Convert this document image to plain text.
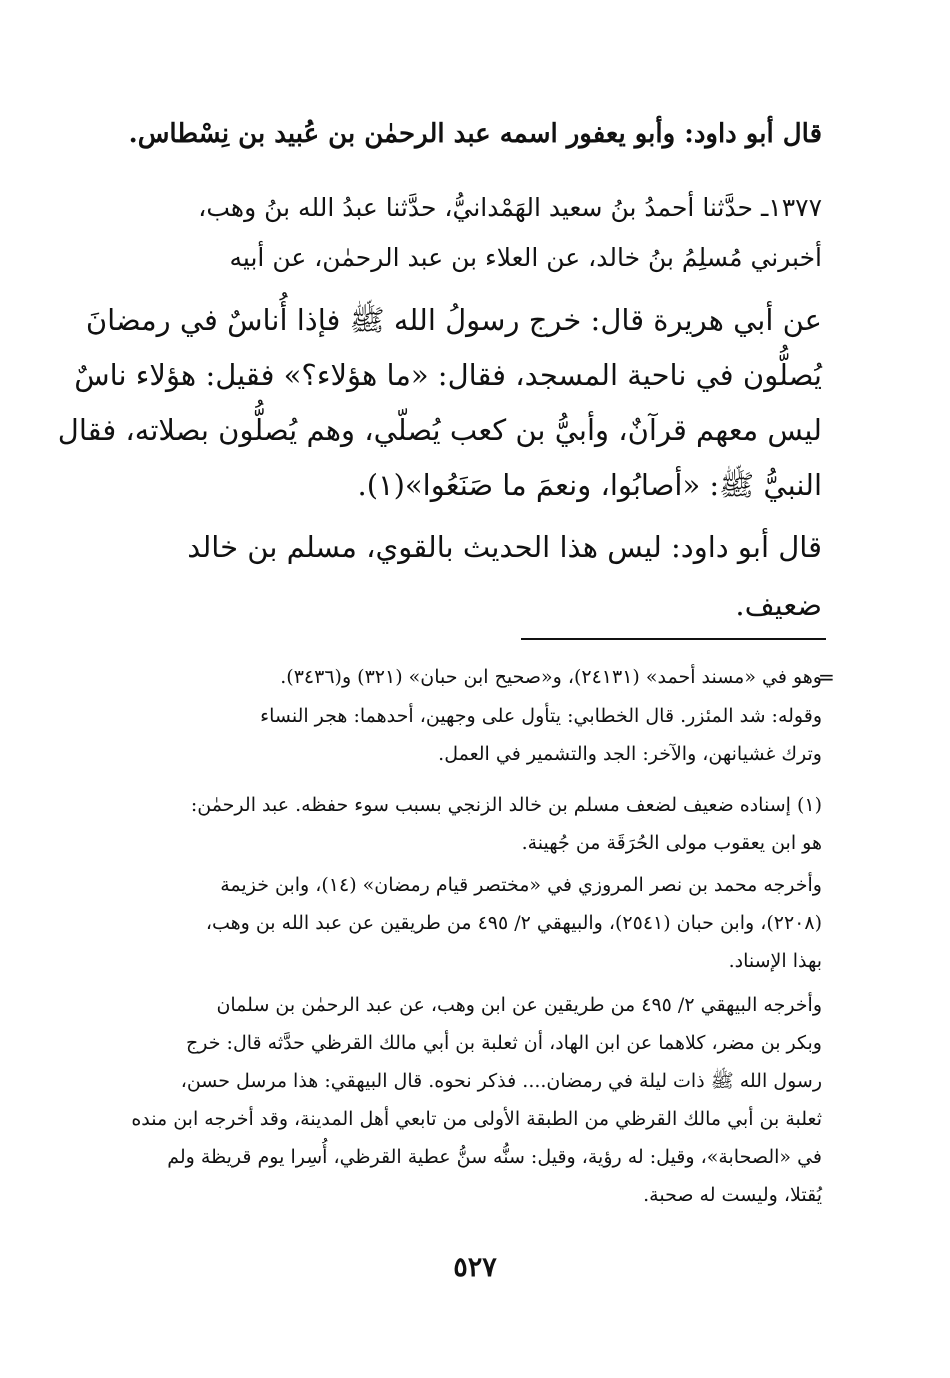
قال أبو داود: وأبو يعفور اسمه عبد الرحمٰن بن عُبيد بن نِسْطاس.
١٣٧٧ـ حدَّثنا أحمدُ بنُ سعيد الهَمْدانيُّ، حدَّثنا عبدُ الله بنُ وهب،
أخبرني مُسلِمُ بنُ خالد، عن العلاء بن عبد الرحمٰن، عن أبيه
عن أبي هريرة قال: خرج رسولُ الله ﷺ فإذا أُناسٌ في رمضانَ
يُصلُّون في ناحية المسجد، فقال: «ما هؤلاء؟» فقيل: هؤلاء ناسٌ
ليس معهم قرآنٌ، وأبيُّ بن كعب يُصلّي، وهم يُصلُّون بصلاته، فقال
النبيُّ ﷺ: «أصابُوا، ونعمَ ما صَنَعُوا»(١).
قال أبو داود: ليس هذا الحديث بالقوي، مسلم بن خالد
ضعيف.
=
وهو في «مسند أحمد» (٢٤١٣١)، و«صحيح ابن حبان» (٣٢١) و(٣٤٣٦).
وقوله: شد المئزر. قال الخطابي: يتأول على وجهين، أحدهما: هجر النساء
وترك غشيانهن، والآخر: الجد والتشمير في العمل.
(١) إسناده ضعيف لضعف مسلم بن خالد الزنجي بسبب سوء حفظه. عبد الرحمٰن:
هو ابن يعقوب مولى الحُرَقَة من جُهينة.
وأخرجه محمد بن نصر المروزي في «مختصر قيام رمضان» (١٤)، وابن خزيمة
(٢٢٠٨)، وابن حبان (٢٥٤١)، والبيهقي ٢/ ٤٩٥ من طريقين عن عبد الله بن وهب،
بهذا الإسناد.
وأخرجه البيهقي ٢/ ٤٩٥ من طريقين عن ابن وهب، عن عبد الرحمٰن بن سلمان
وبكر بن مضر، كلاهما عن ابن الهاد، أن ثعلبة بن أبي مالك القرظي حدَّثه قال: خرج
رسول الله ﷺ ذات ليلة في رمضان.... فذكر نحوه. قال البيهقي: هذا مرسل حسن،
ثعلبة بن أبي مالك القرظي من الطبقة الأولى من تابعي أهل المدينة، وقد أخرجه ابن منده
في «الصحابة»، وقيل: له رؤية، وقيل: سنُّه سنُّ عطية القرظي، أُسِرا يوم قريظة ولم
يُقتلا، وليست له صحبة.
٥٢٧
